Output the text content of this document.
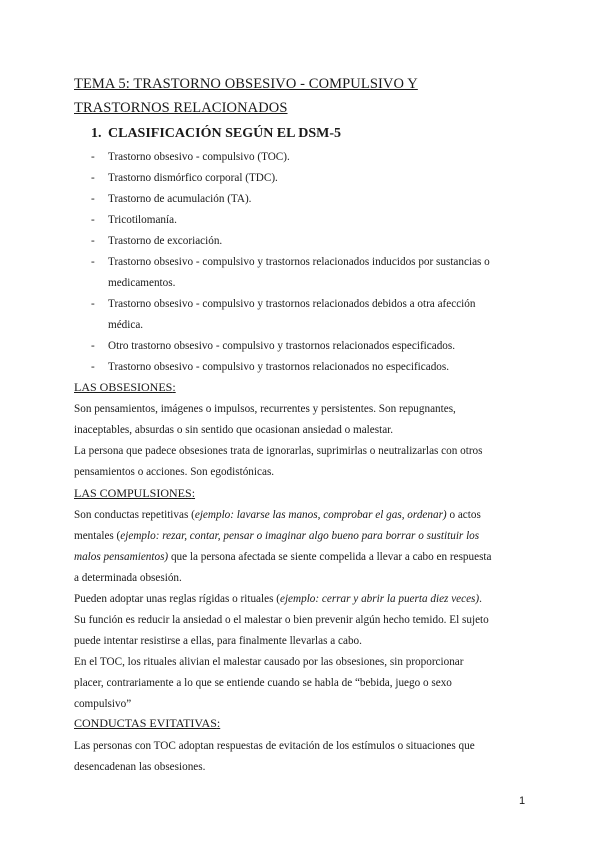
TEMA 5: TRASTORNO OBSESIVO - COMPULSIVO Y
TRASTORNOS RELACIONADOS
1. CLASIFICACIÓN SEGÚN EL DSM-5
- Trastorno obsesivo - compulsivo (TOC).
- Trastorno dismórfico corporal (TDC).
- Trastorno de acumulación (TA).
- Tricotilomanía.
- Trastorno de excoriación.
- Trastorno obsesivo - compulsivo y trastornos relacionados inducidos por sustancias o
medicamentos.
- Trastorno obsesivo - compulsivo y trastornos relacionados debidos a otra afección
médica.
- Otro trastorno obsesivo - compulsivo y trastornos relacionados especificados.
- Trastorno obsesivo - compulsivo y trastornos relacionados no especificados.
LAS OBSESIONES:
Son pensamientos, imágenes o impulsos, recurrentes y persistentes. Son repugnantes,
inaceptables, absurdas o sin sentido que ocasionan ansiedad o malestar.
La persona que padece obsesiones trata de ignorarlas, suprimirlas o neutralizarlas con otros
pensamientos o acciones. Son egodistónicas.
LAS COMPULSIONES:
Son conductas repetitivas (ejemplo: lavarse las manos, comprobar el gas, ordenar) o actos
mentales (ejemplo: rezar, contar, pensar o imaginar algo bueno para borrar o sustituir los
malos pensamientos) que la persona afectada se siente compelida a llevar a cabo en respuesta
a determinada obsesión.
Pueden adoptar unas reglas rígidas o rituales (ejemplo: cerrar y abrir la puerta diez veces).
Su función es reducir la ansiedad o el malestar o bien prevenir algún hecho temido. El sujeto
puede intentar resistirse a ellas, para finalmente llevarlas a cabo.
En el TOC, los rituales alivian el malestar causado por las obsesiones, sin proporcionar
placer, contrariamente a lo que se entiende cuando se habla de “bebida, juego o sexo
compulsivo”
CONDUCTAS EVITATIVAS:
Las personas con TOC adoptan respuestas de evitación de los estímulos o situaciones que
desencadenan las obsesiones.
1
